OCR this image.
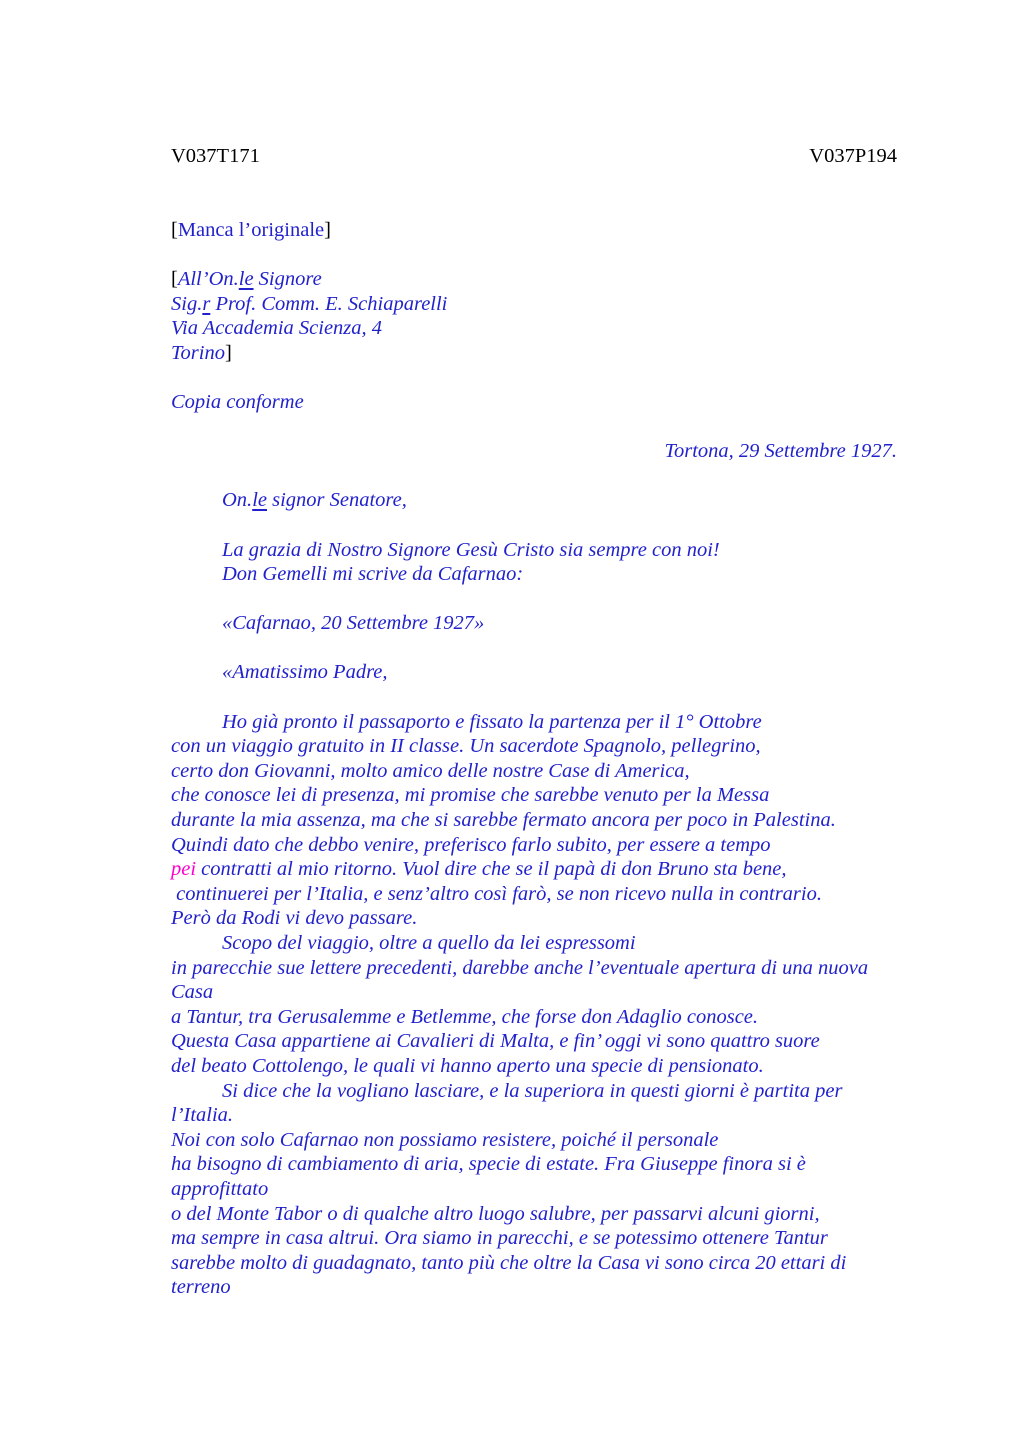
V037T171	V037P194

[Manca l’originale]

[All’On.le Signore
Sig.r Prof. Comm. E. Schiaparelli
Via Accademia Scienza, 4
Torino]

Copia conforme

Tortona, 29 Settembre 1927.

On.le signor Senatore,

La grazia di Nostro Signore Gesù Cristo sia sempre con noi!
Don Gemelli mi scrive da Cafarnao:

«Cafarnao, 20 Settembre 1927»

«Amatissimo Padre,

Ho già pronto il passaporto e fissato la partenza per il 1° Ottobre
con un viaggio gratuito in II classe. Un sacerdote Spagnolo, pellegrino,
certo don Giovanni, molto amico delle nostre Case di America,
che conosce lei di presenza, mi promise che sarebbe venuto per la Messa
durante la mia assenza, ma che si sarebbe fermato ancora per poco in Palestina.
Quindi dato che debbo venire, preferisco farlo subito, per essere a tempo
pei contratti al mio ritorno. Vuol dire che se il papà di don Bruno sta bene,
continuerei per l’Italia, e senz’altro così farò, se non ricevo nulla in contrario.
Però da Rodi vi devo passare.
Scopo del viaggio, oltre a quello da lei espressomi
in parecchie sue lettere precedenti, darebbe anche l’eventuale apertura di una nuova
Casa
a Tantur, tra Gerusalemme e Betlemme, che forse don Adaglio conosce.
Questa Casa appartiene ai Cavalieri di Malta, e fin’ oggi vi sono quattro suore
del beato Cottolengo, le quali vi hanno aperto una specie di pensionato.
Si dice che la vogliano lasciare, e la superiora in questi giorni è partita per
l’Italia.
Noi con solo Cafarnao non possiamo resistere, poiché il personale
ha bisogno di cambiamento di aria, specie di estate. Fra Giuseppe finora si è
approfittato
o del Monte Tabor o di qualche altro luogo salubre, per passarvi alcuni giorni,
ma sempre in casa altrui. Ora siamo in parecchi, e se potessimo ottenere Tantur
sarebbe molto di guadagnato, tanto più che oltre la Casa vi sono circa 20 ettari di
terreno
